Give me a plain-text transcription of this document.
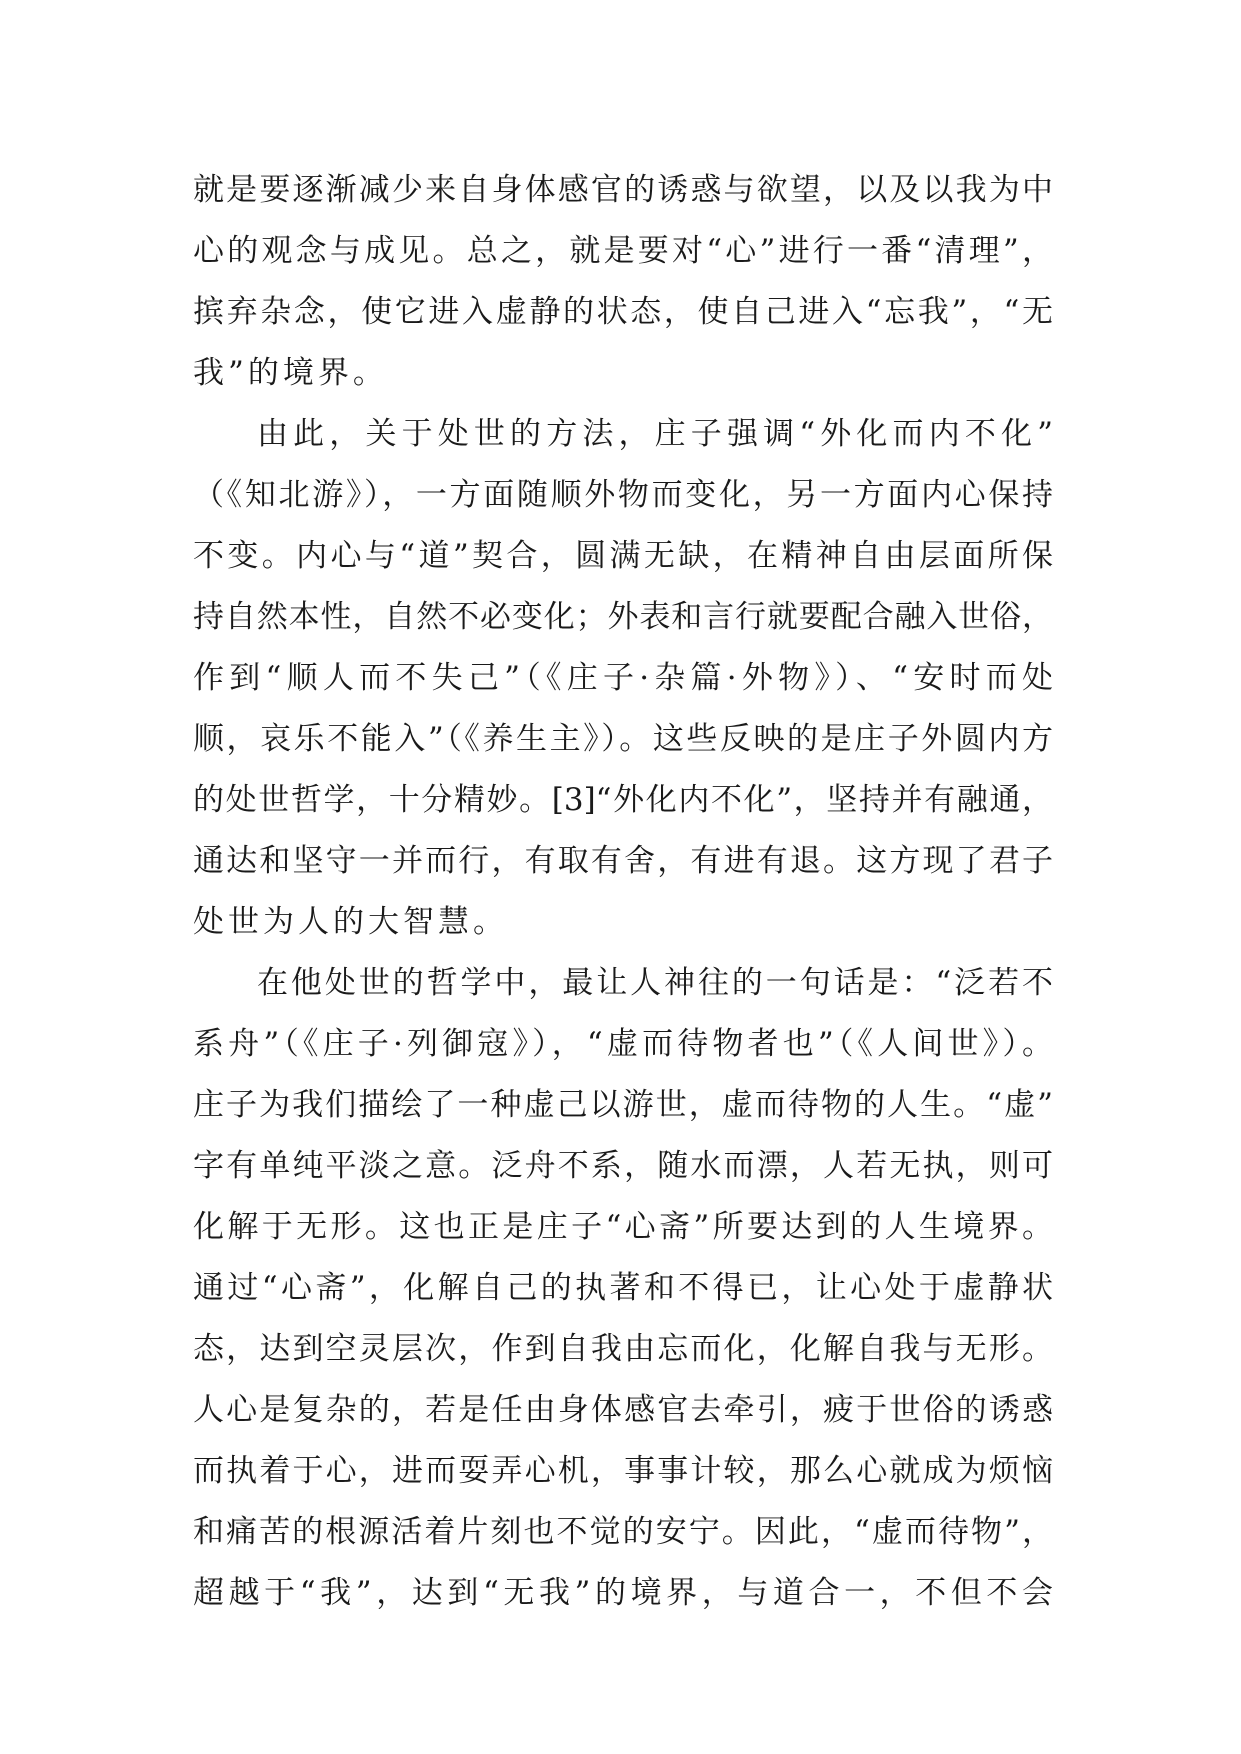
就是要逐渐减少来自身体感官的诱惑与欲望，以及以我为中
心的观念与成见。总之，就是要对“心”进行一番“清理”，
摈弃杂念，使它进入虚静的状态，使自己进入“忘我”，“无
我”的境界。

由此，关于处世的方法，庄子强调“外化而内不化”
（《知北游》），一方面随顺外物而变化，另一方面内心保持
不变。内心与“道”契合，圆满无缺，在精神自由层面所保
持自然本性，自然不必变化；外表和言行就要配合融入世俗，
作到“顺人而不失己”（《庄子·杂篇·外物》）、“安时而处
顺，哀乐不能入”（《养生主》）。这些反映的是庄子外圆内方
的处世哲学，十分精妙。[3]“外化内不化”，坚持并有融通，
通达和坚守一并而行，有取有舍，有进有退。这方现了君子
处世为人的大智慧。

在他处世的哲学中，最让人神往的一句话是：“泛若不
系舟”（《庄子·列御寇》），“虚而待物者也”（《人间世》）。
庄子为我们描绘了一种虚己以游世，虚而待物的人生。“虚”
字有单纯平淡之意。泛舟不系，随水而漂，人若无执，则可
化解于无形。这也正是庄子“心斋”所要达到的人生境界。
通过“心斋”，化解自己的执著和不得已，让心处于虚静状
态，达到空灵层次，作到自我由忘而化，化解自我与无形。
人心是复杂的，若是任由身体感官去牵引，疲于世俗的诱惑
而执着于心，进而耍弄心机，事事计较，那么心就成为烦恼
和痛苦的根源活着片刻也不觉的安宁。因此，“虚而待物”，
超越于“我”，达到“无我”的境界，与道合一，不但不会
